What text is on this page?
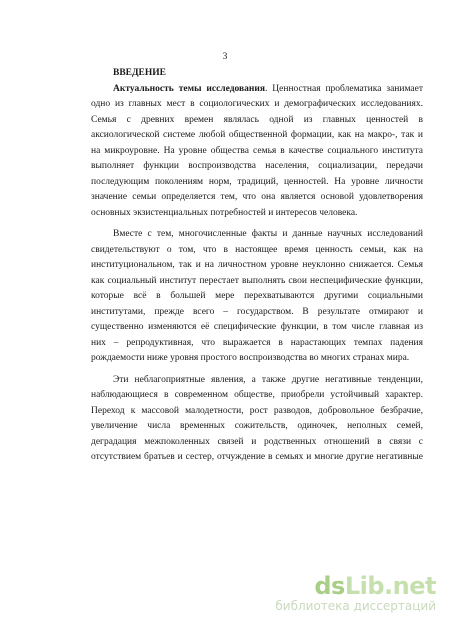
3

ВВЕДЕНИЕ

Актуальность темы исследования. Ценностная проблематика занимает
одно из главных мест в социологических и демографических исследованиях.
Семья с древних времен являлась одной из главных ценностей в
аксиологической системе любой общественной формации, как на макро-, так и
на микроуровне. На уровне общества семья в качестве социального института
выполняет функции воспроизводства населения, социализации, передачи
последующим поколениям норм, традиций, ценностей. На уровне личности
значение семьи определяется тем, что она является основой удовлетворения
основных экзистенциальных потребностей и интересов человека.
Вместе с тем, многочисленные факты и данные научных исследований
свидетельствуют о том, что в настоящее время ценность семьи, как на
институциональном, так и на личностном уровне неуклонно снижается. Семья
как социальный институт перестает выполнять свои неспецифические функции,
которые всё в большей мере перехватываются другими социальными
институтами, прежде всего – государством. В результате отмирают и
существенно изменяются её специфические функции, в том числе главная из
них – репродуктивная, что выражается в нарастающих темпах падения
рождаемости ниже уровня простого воспроизводства во многих странах мира.
Эти неблагоприятные явления, а также другие негативные тенденции,
наблюдающиеся в современном обществе, приобрели устойчивый характер.
Переход к массовой малодетности, рост разводов, добровольное безбрачие,
увеличение числа временных сожительств, одиночек, неполных семей,
деградация межпоколенных связей и родственных отношений в связи с
отсутствием братьев и сестер, отчуждение в семьях и многие другие негативные
dsLib.net
библиотека диссертаций
